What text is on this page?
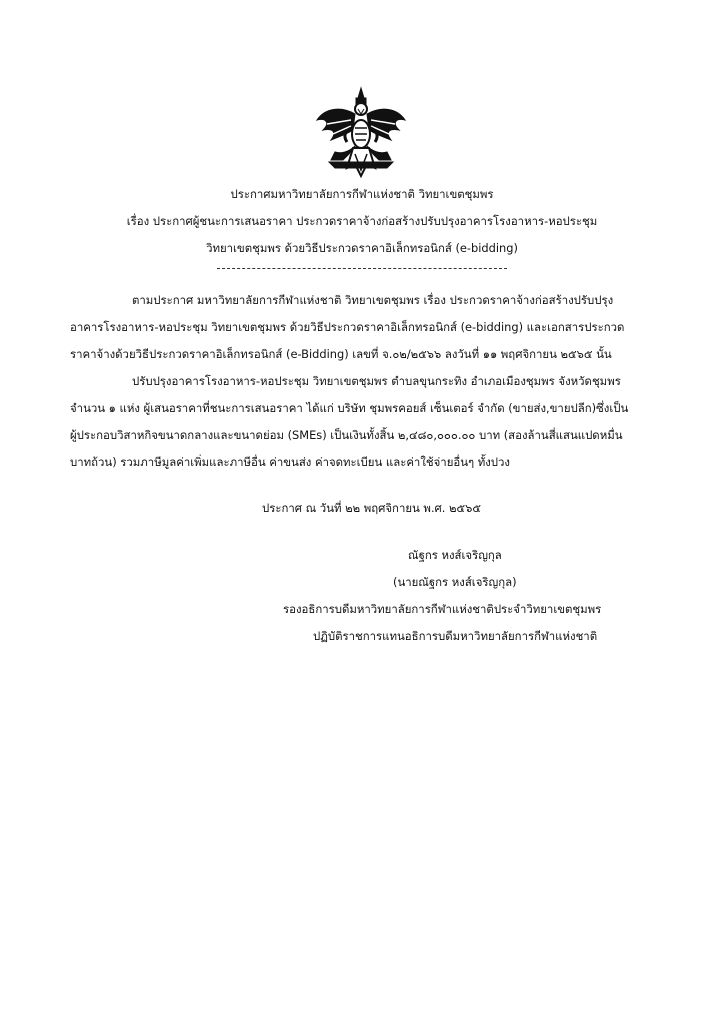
ประกาศมหาวิทยาลัยการกีฬาแห่งชาติ วิทยาเขตชุมพร
เรื่อง ประกาศผู้ชนะการเสนอราคา ประกวดราคาจ้างก่อสร้างปรับปรุงอาคารโรงอาหาร-หอประชุม
วิทยาเขตชุมพร ด้วยวิธีประกวดราคาอิเล็กทรอนิกส์ (e-bidding)
ตามประกาศ มหาวิทยาลัยการกีฬาแห่งชาติ วิทยาเขตชุมพร เรื่อง ประกวดราคาจ้างก่อสร้างปรับปรุง
อาคารโรงอาหาร-หอประชุม วิทยาเขตชุมพร ด้วยวิธีประกวดราคาอิเล็กทรอนิกส์ (e-bidding) และเอกสารประกวด
ราคาจ้างด้วยวิธีประกวดราคาอิเล็กทรอนิกส์ (e-Bidding) เลขที่ จ.๐๒/๒๕๖๖ ลงวันที่ ๑๑ พฤศจิกายน ๒๕๖๕ นั้น
ปรับปรุงอาคารโรงอาหาร-หอประชุม วิทยาเขตชุมพร ตำบลขุนกระทิง อำเภอเมืองชุมพร จังหวัดชุมพร
จำนวน ๑ แห่ง ผู้เสนอราคาที่ชนะการเสนอราคา ได้แก่ บริษัท ชุมพรคอยส์ เซ็นเตอร์ จำกัด (ขายส่ง,ขายปลีก)ซึ่งเป็น
ผู้ประกอบวิสาหกิจขนาดกลางและขนาดย่อม (SMEs) เป็นเงินทั้งสิ้น ๒,๔๘๐,๐๐๐.๐๐ บาท (สองล้านสี่แสนแปดหมื่น
บาทถ้วน) รวมภาษีมูลค่าเพิ่มและภาษีอื่น ค่าขนส่ง ค่าจดทะเบียน และค่าใช้จ่ายอื่นๆ ทั้งปวง
ประกาศ ณ วันที่ ๒๒ พฤศจิกายน พ.ศ. ๒๕๖๕
ณัฐกร หงส์เจริญกุล
(นายณัฐกร หงส์เจริญกุล)
รองอธิการบดีมหาวิทยาลัยการกีฬาแห่งชาติประจำวิทยาเขตชุมพร
ปฏิบัติราชการแทนอธิการบดีมหาวิทยาลัยการกีฬาแห่งชาติ
